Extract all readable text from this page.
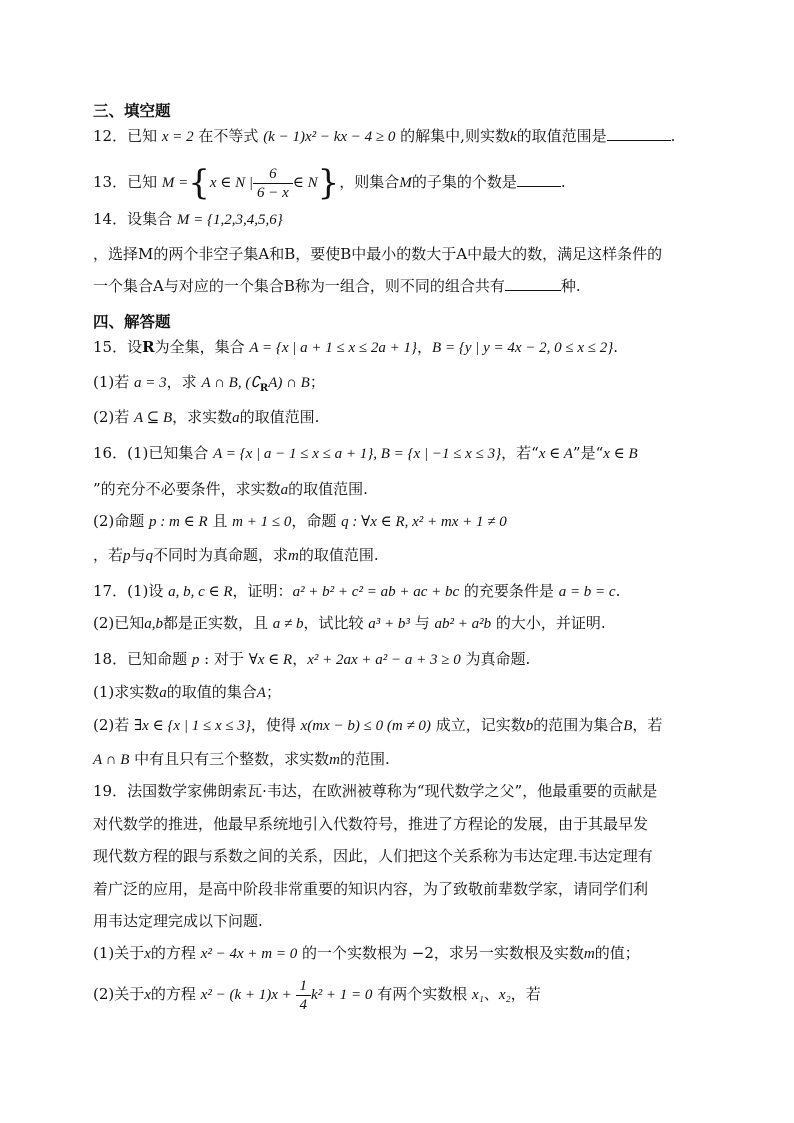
三、填空题
12．已知 x = 2 在不等式 (k − 1)x² − kx − 4 ≥ 0 的解集中,则实数k的取值范围是	.
13．已知 M ={x ∈ N | $\frac{6}{6 - x}$ ∈ N}，则集合M的子集的个数是	.
14．设集合 M = {1,2,3,4,5,6}
，选择M的两个非空子集A和B，要使B中最小的数大于A中最大的数，满足这样条件的
一个集合A与对应的一个集合B称为一组合，则不同的组合共有	种.
四、解答题
15．设R为全集，集合 A = {x | a + 1 ≤ x ≤ 2a + 1}，B = {y | y = 4x − 2, 0 ≤ x ≤ 2}.
(1)若 a = 3，求 A ∩ B, $(∁_RA)$ ∩ B；
(2)若 A ⊆ B，求实数a的取值范围.
16．(1)已知集合 A = {x | a − 1 ≤ x ≤ a + 1}, B = {x | −1 ≤ x ≤ 3}，若“x ∈ A”是“x ∈ B
”的充分不必要条件，求实数a的取值范围.
(2)命题 p : m ∈ R 且 m + 1 ≤ 0，命题 q : ∀x ∈ R, x² + mx + 1 ≠ 0
，若p与q不同时为真命题，求m的取值范围.
17．(1)设 a, b, c ∈ R，证明：a² + b² + c² = ab + ac + bc 的充要条件是 a = b = c.
(2)已知a,b都是正实数，且 a ≠ b，试比较 a³ + b³ 与 ab² + a²b 的大小，并证明.
18．已知命题 p : 对于 ∀x ∈ R，x² + 2ax + a² − a + 3 ≥ 0 为真命题.
(1)求实数a的取值的集合A；
(2)若 ∃x ∈ {x | 1 ≤ x ≤ 3}，使得 x(mx − b) ≤ 0 (m ≠ 0) 成立，记实数b的范围为集合B，若
A ∩ B 中有且只有三个整数，求实数m的范围.
19．法国数学家佛朗索瓦·韦达，在欧洲被尊称为“现代数学之父”，他最重要的贡献是
对代数学的推进，他最早系统地引入代数符号，推进了方程论的发展，由于其最早发
现代数方程的跟与系数之间的关系，因此，人们把这个关系称为韦达定理.韦达定理有
着广泛的应用，是高中阶段非常重要的知识内容，为了致敬前辈数学家，请同学们利
用韦达定理完成以下问题.
(1)关于x的方程 x² − 4x + m = 0 的一个实数根为 −2，求另一实数根及实数m的值；
(2)关于x的方程 $x^2 - (k + 1)x + \frac{1}{4} k^2 + 1 = 0$ 有两个实数根 x₁、x₂，若
